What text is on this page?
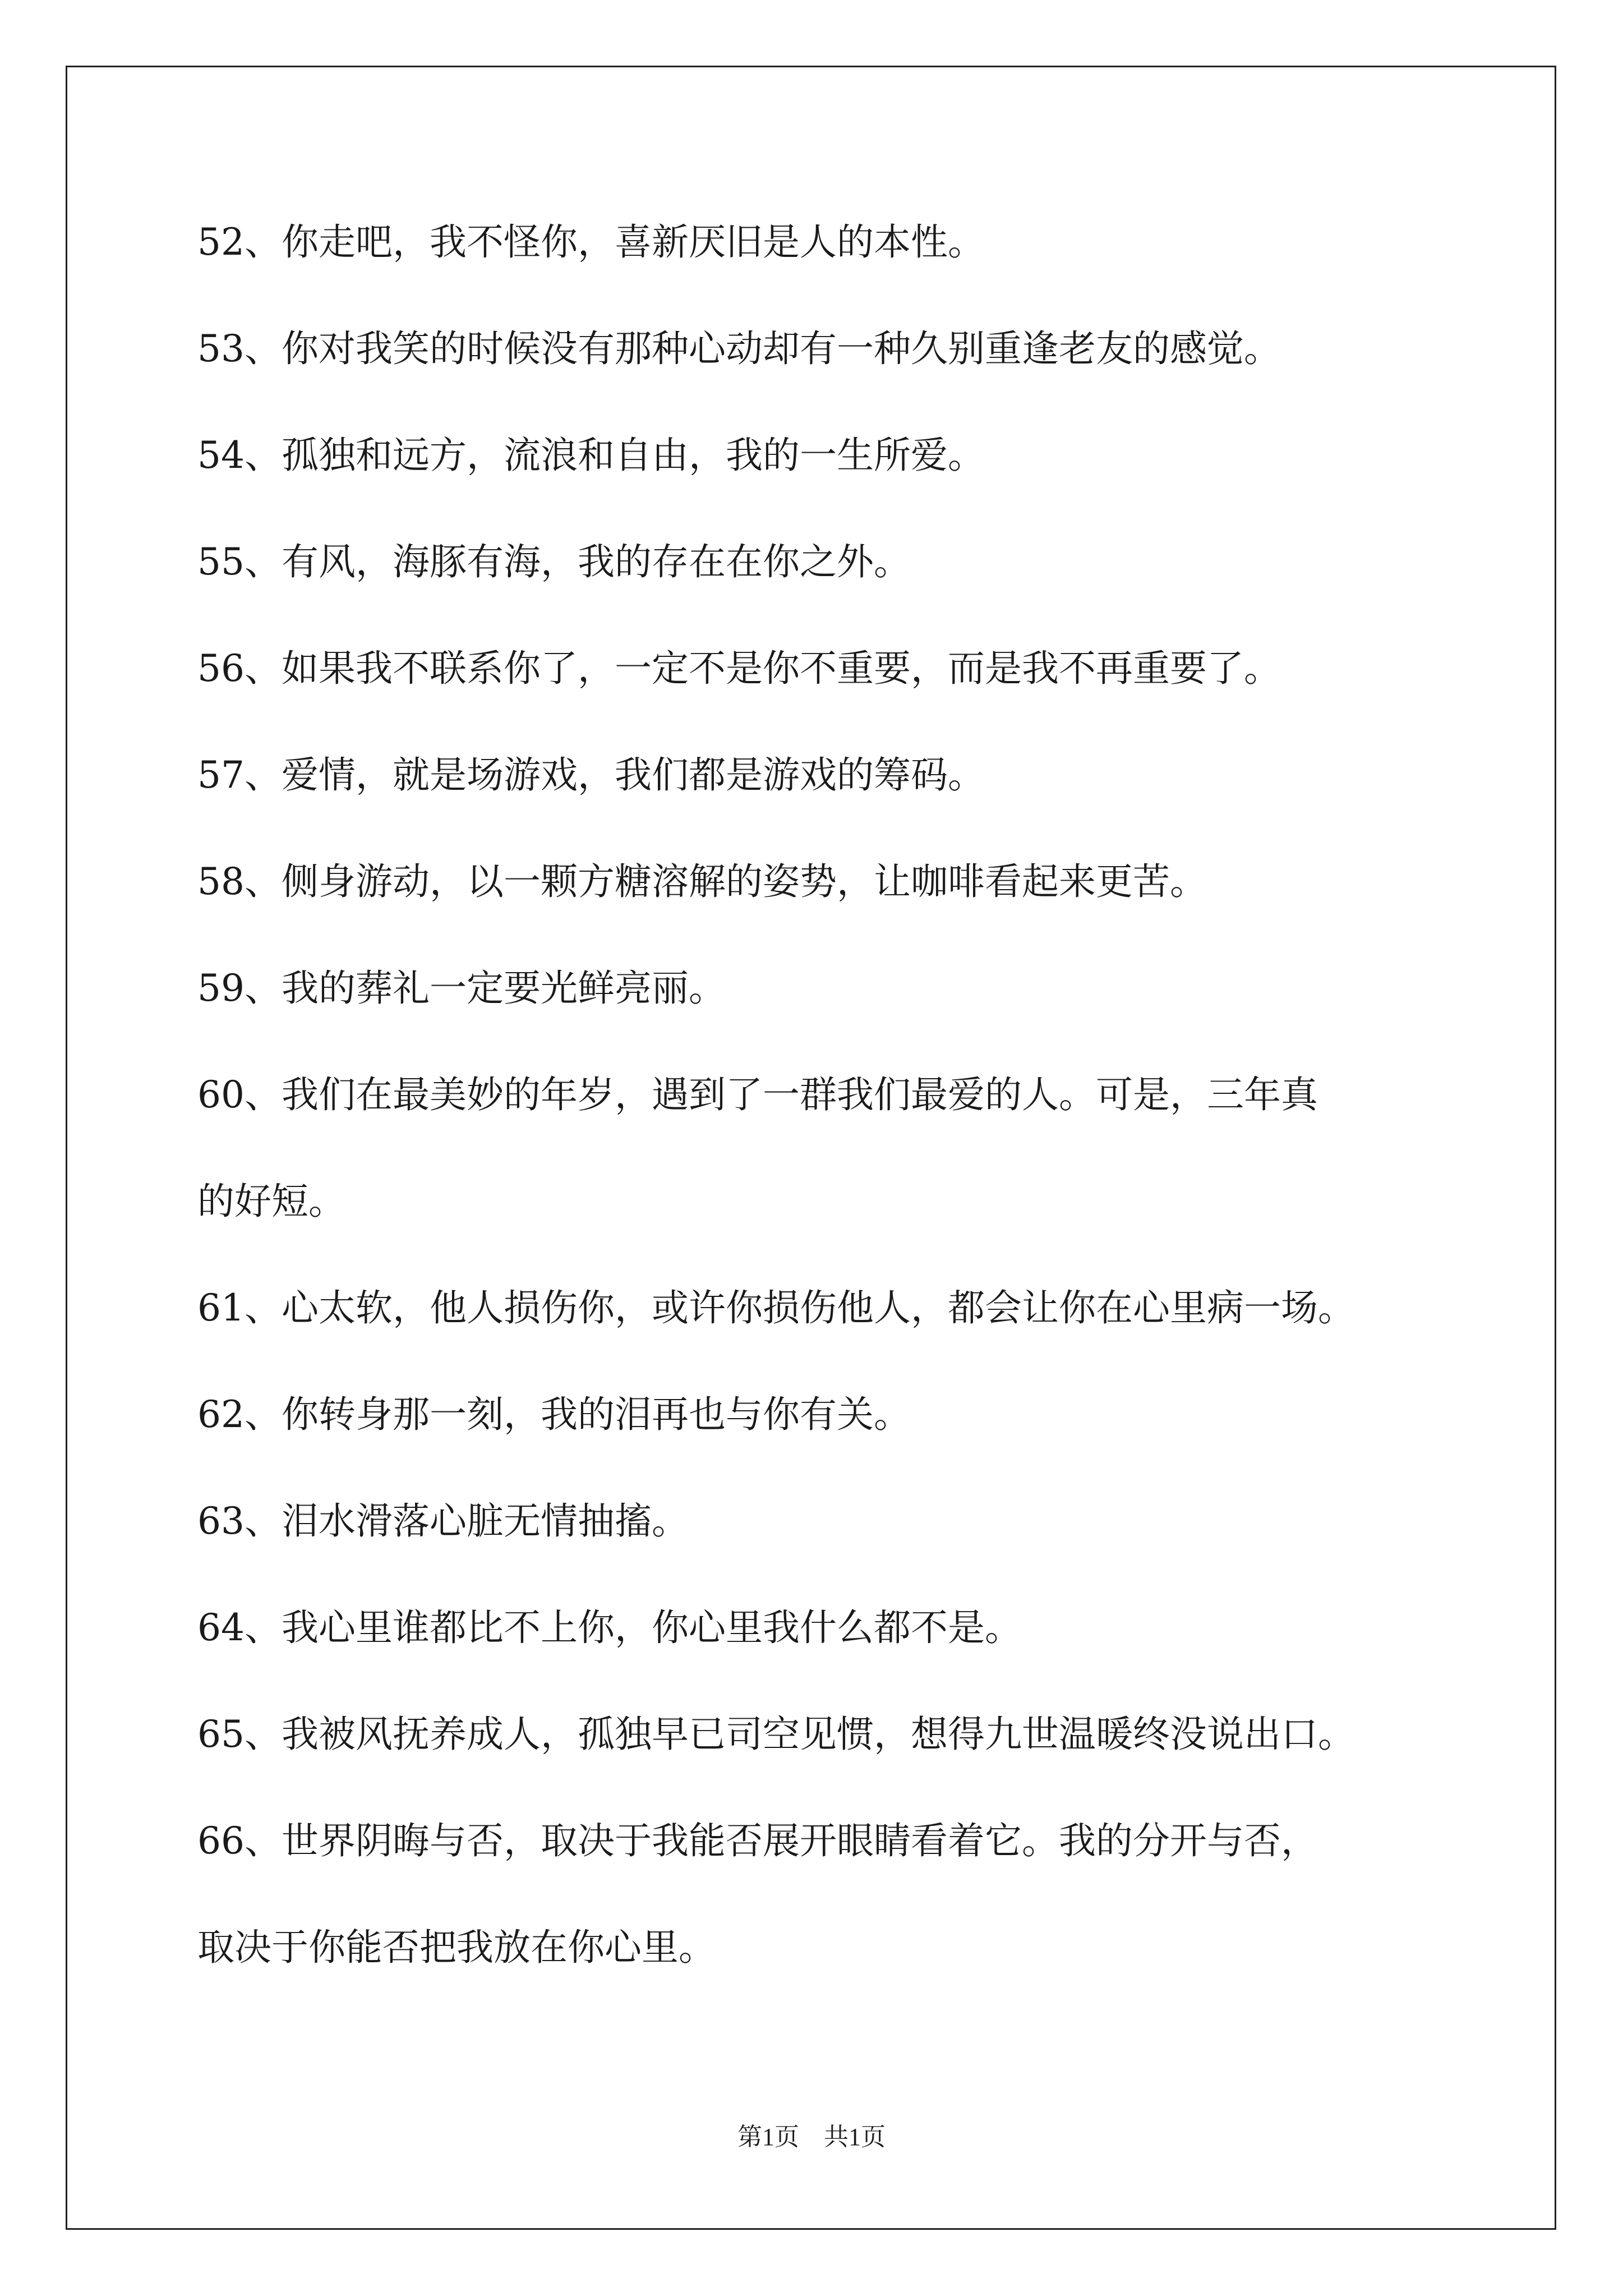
52、你走吧，我不怪你，喜新厌旧是人的本性。
53、你对我笑的时候没有那种心动却有一种久别重逢老友的感觉。
54、孤独和远方，流浪和自由，我的一生所爱。
55、有风，海豚有海，我的存在在你之外。
56、如果我不联系你了，一定不是你不重要，而是我不再重要了。
57、爱情，就是场游戏，我们都是游戏的筹码。
58、侧身游动，以一颗方糖溶解的姿势，让咖啡看起来更苦。
59、我的葬礼一定要光鲜亮丽。
60、我们在最美妙的年岁，遇到了一群我们最爱的人。可是，三年真
的好短。
61、心太软，他人损伤你，或许你损伤他人，都会让你在心里病一场。
62、你转身那一刻，我的泪再也与你有关。
63、泪水滑落心脏无情抽搐。
64、我心里谁都比不上你，你心里我什么都不是。
65、我被风抚养成人，孤独早已司空见惯，想得九世温暖终没说出口。
66、世界阴晦与否，取决于我能否展开眼睛看着它。我的分开与否，
取决于你能否把我放在你心里。
第1页　共1页
